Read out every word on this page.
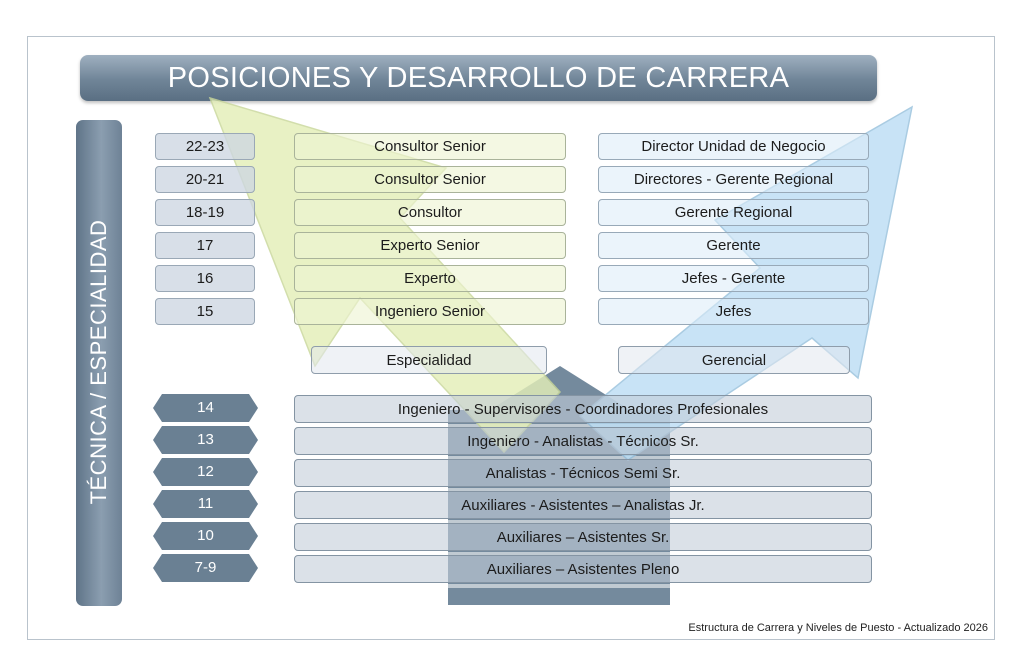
POSICIONES Y DESARROLLO DE CARRERA
TÉCNICA / ESPECIALIDAD
22-23	Consultor Senior	Director Unidad de Negocio
20-21	Consultor Senior	Directores - Gerente Regional
18-19	Consultor	Gerente Regional
17	Experto Senior	Gerente
16	Experto	Jefes - Gerente
15	Ingeniero Senior	Jefes
Especialidad	Gerencial
14	Ingeniero - Supervisores - Coordinadores Profesionales
13	Ingeniero - Analistas - Técnicos Sr.
12	Analistas - Técnicos Semi Sr.
11	Auxiliares - Asistentes – Analistas Jr.
10	Auxiliares – Asistentes Sr.
7-9	Auxiliares – Asistentes Pleno
Estructura de Carrera y Niveles de Puesto - Actualizado 2026
